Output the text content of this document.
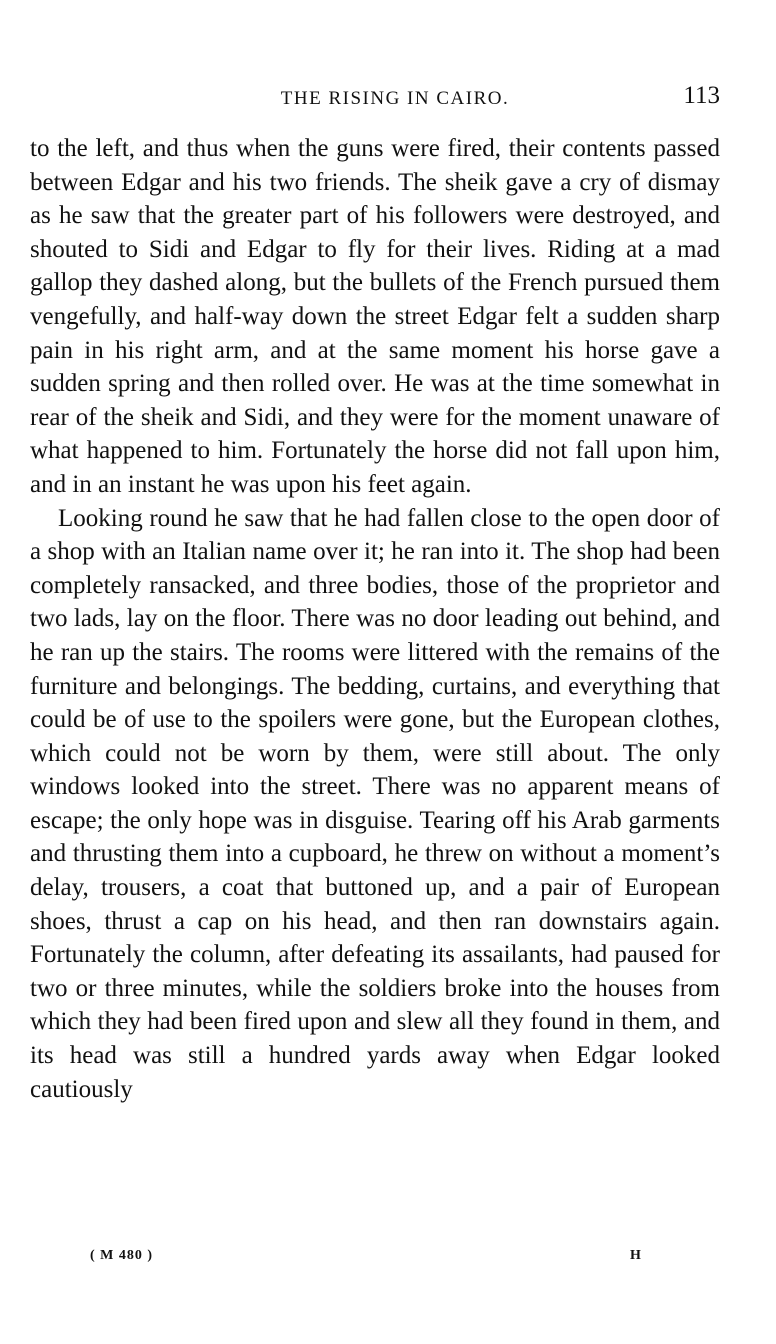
THE RISING IN CAIRO.	113

to the left, and thus when the guns were fired, their contents passed between Edgar and his two friends. The sheik gave a cry of dismay as he saw that the greater part of his followers were destroyed, and shouted to Sidi and Edgar to fly for their lives. Riding at a mad gallop they dashed along, but the bullets of the French pursued them vengefully, and half-way down the street Edgar felt a sudden sharp pain in his right arm, and at the same moment his horse gave a sudden spring and then rolled over. He was at the time somewhat in rear of the sheik and Sidi, and they were for the moment unaware of what happened to him. Fortunately the horse did not fall upon him, and in an instant he was upon his feet again.

Looking round he saw that he had fallen close to the open door of a shop with an Italian name over it; he ran into it. The shop had been completely ransacked, and three bodies, those of the proprietor and two lads, lay on the floor. There was no door leading out behind, and he ran up the stairs. The rooms were littered with the remains of the furniture and belongings. The bedding, curtains, and everything that could be of use to the spoilers were gone, but the European clothes, which could not be worn by them, were still about. The only windows looked into the street. There was no apparent means of escape; the only hope was in disguise. Tearing off his Arab garments and thrusting them into a cupboard, he threw on without a moment’s delay, trousers, a coat that buttoned up, and a pair of European shoes, thrust a cap on his head, and then ran downstairs again. Fortunately the column, after defeating its assailants, had paused for two or three minutes, while the soldiers broke into the houses from which they had been fired upon and slew all they found in them, and its head was still a hundred yards away when Edgar looked cautiously

( M 480 )	H
